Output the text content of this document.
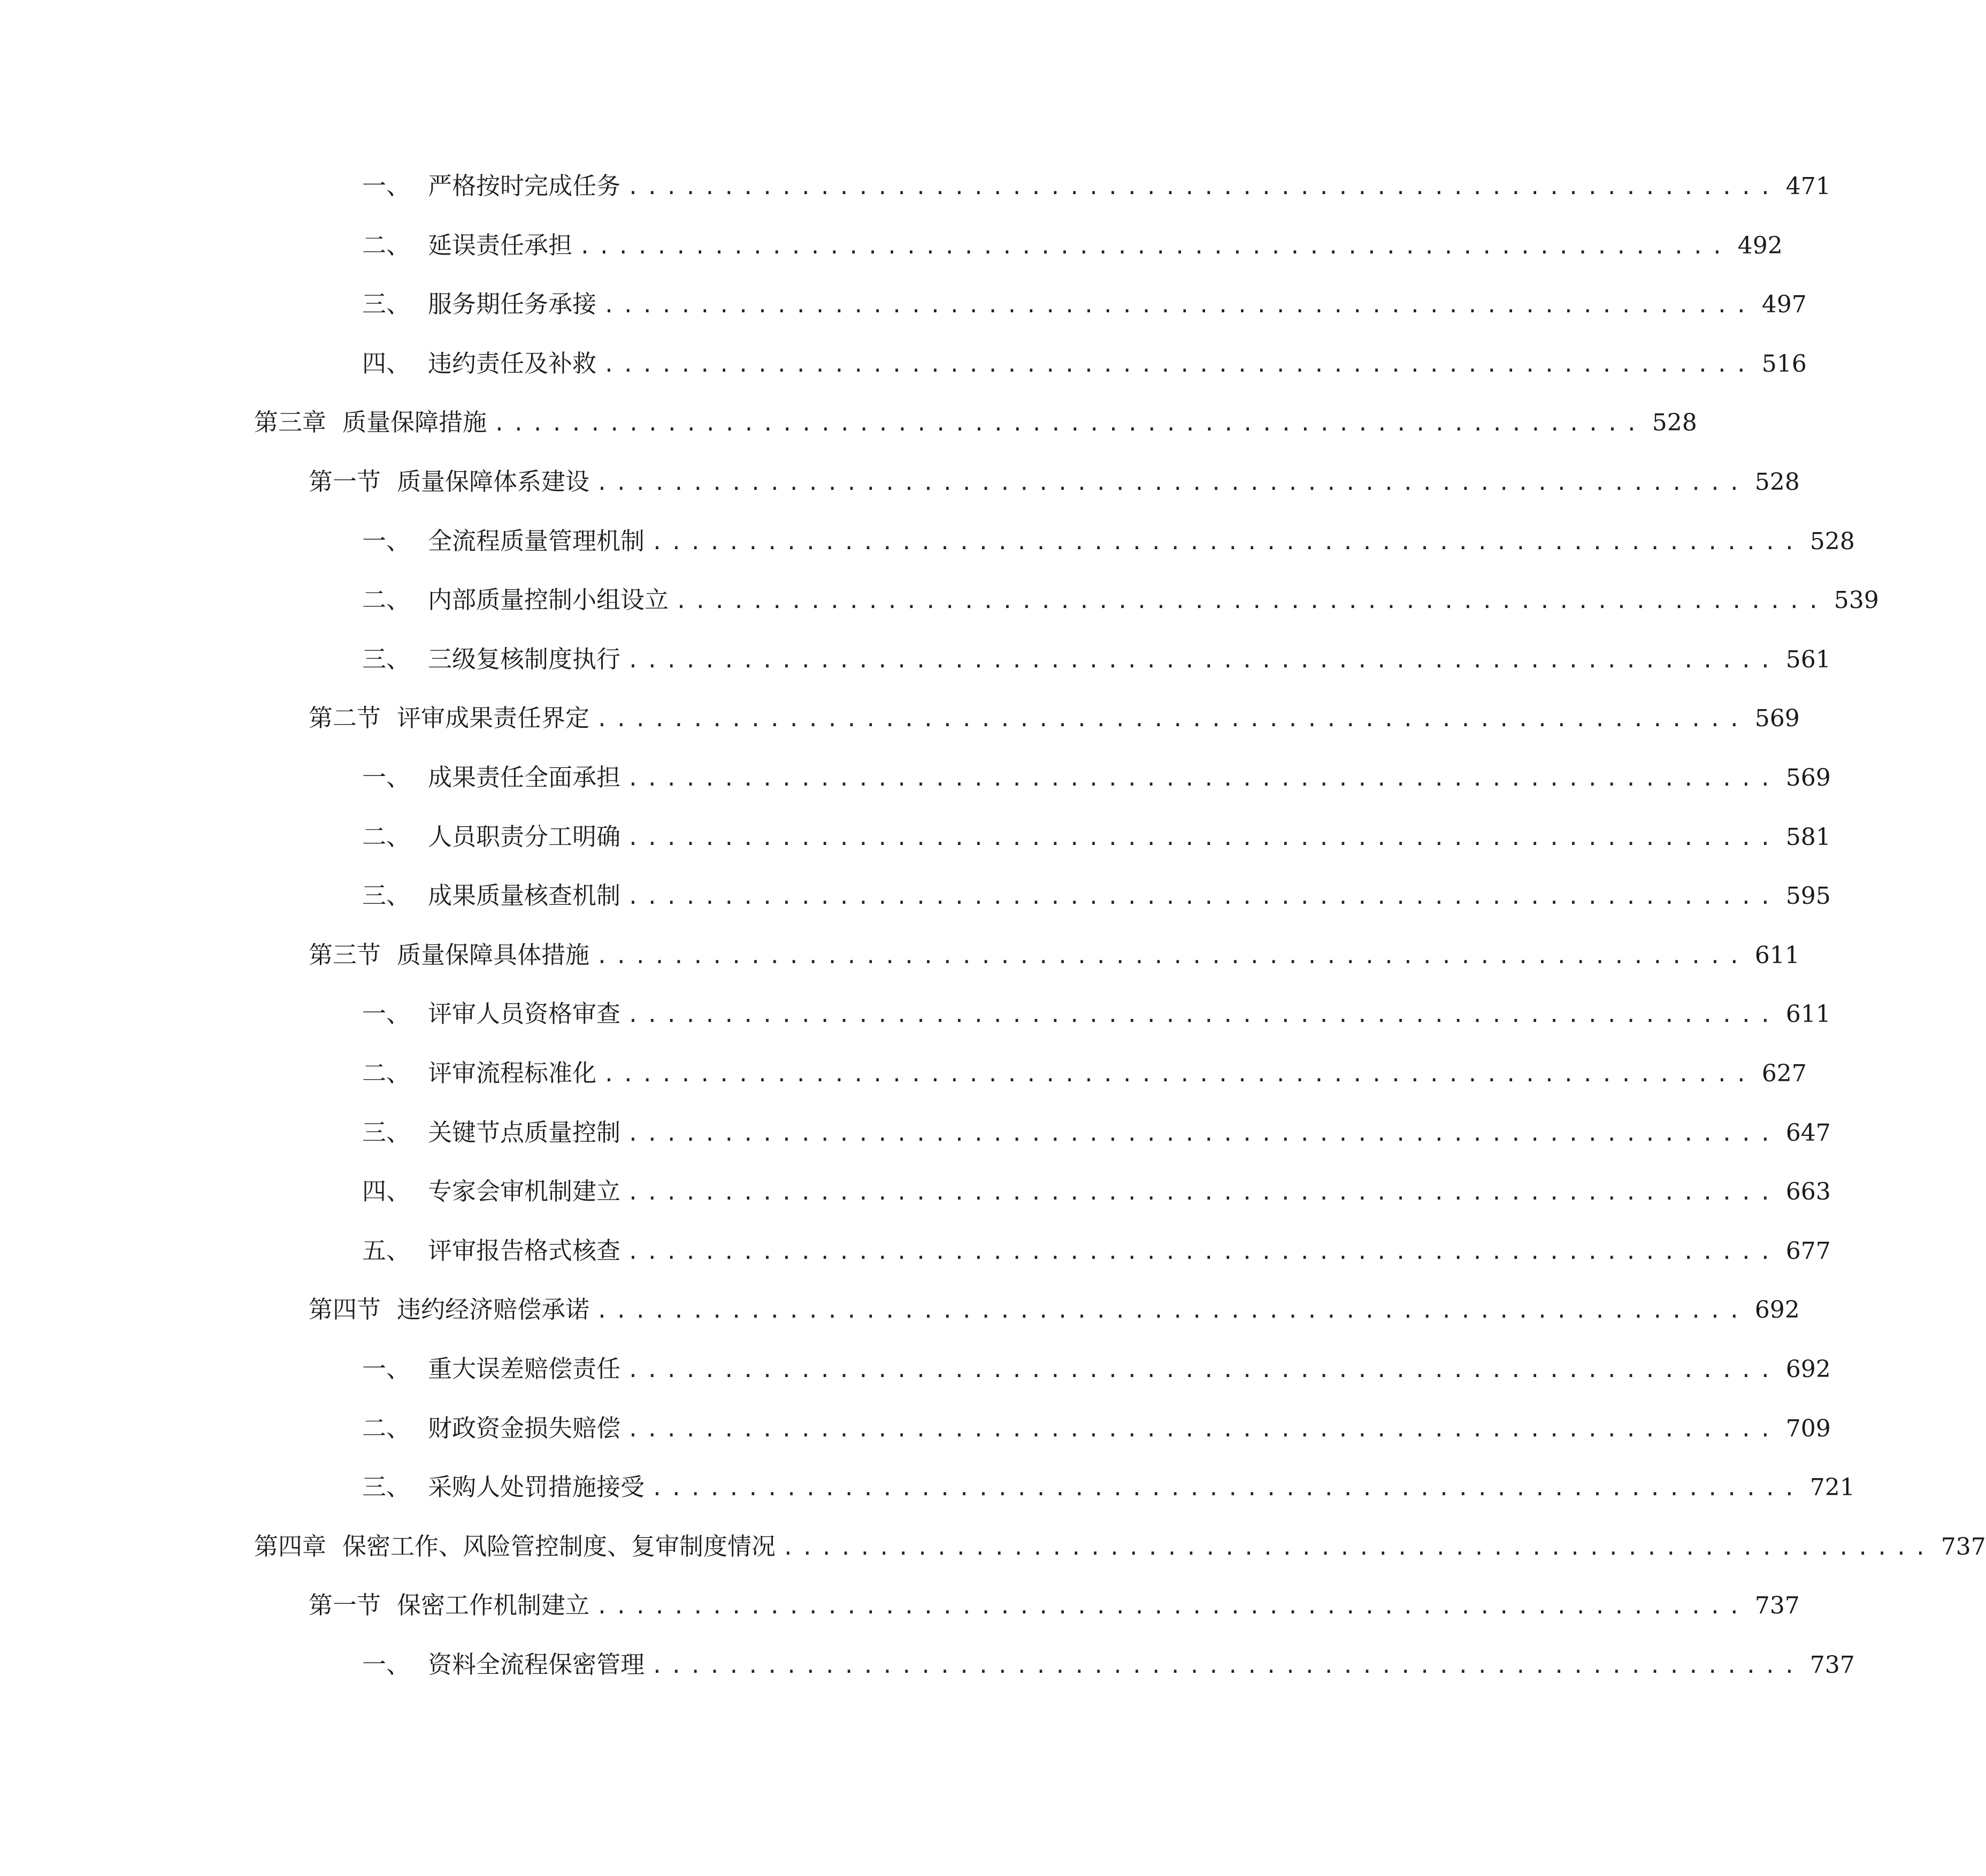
一、 严格按时完成任务 ............................................................ 471
二、 延误责任承担 ............................................................ 492
三、 服务期任务承接 ............................................................ 497
四、 违约责任及补救 ............................................................ 516
第三章 质量保障措施 ............................................................ 528
第一节 质量保障体系建设 ............................................................ 528
一、 全流程质量管理机制 ............................................................ 528
二、 内部质量控制小组设立 ............................................................ 539
三、 三级复核制度执行 ............................................................ 561
第二节 评审成果责任界定 ............................................................ 569
一、 成果责任全面承担 ............................................................ 569
二、 人员职责分工明确 ............................................................ 581
三、 成果质量核查机制 ............................................................ 595
第三节 质量保障具体措施 ............................................................ 611
一、 评审人员资格审查 ............................................................ 611
二、 评审流程标准化 ............................................................ 627
三、 关键节点质量控制 ............................................................ 647
四、 专家会审机制建立 ............................................................ 663
五、 评审报告格式核查 ............................................................ 677
第四节 违约经济赔偿承诺 ............................................................ 692
一、 重大误差赔偿责任 ............................................................ 692
二、 财政资金损失赔偿 ............................................................ 709
三、 采购人处罚措施接受 ............................................................ 721
第四章 保密工作、风险管控制度、复审制度情况 ............................................................ 737
第一节 保密工作机制建立 ............................................................ 737
一、 资料全流程保密管理 ............................................................ 737
